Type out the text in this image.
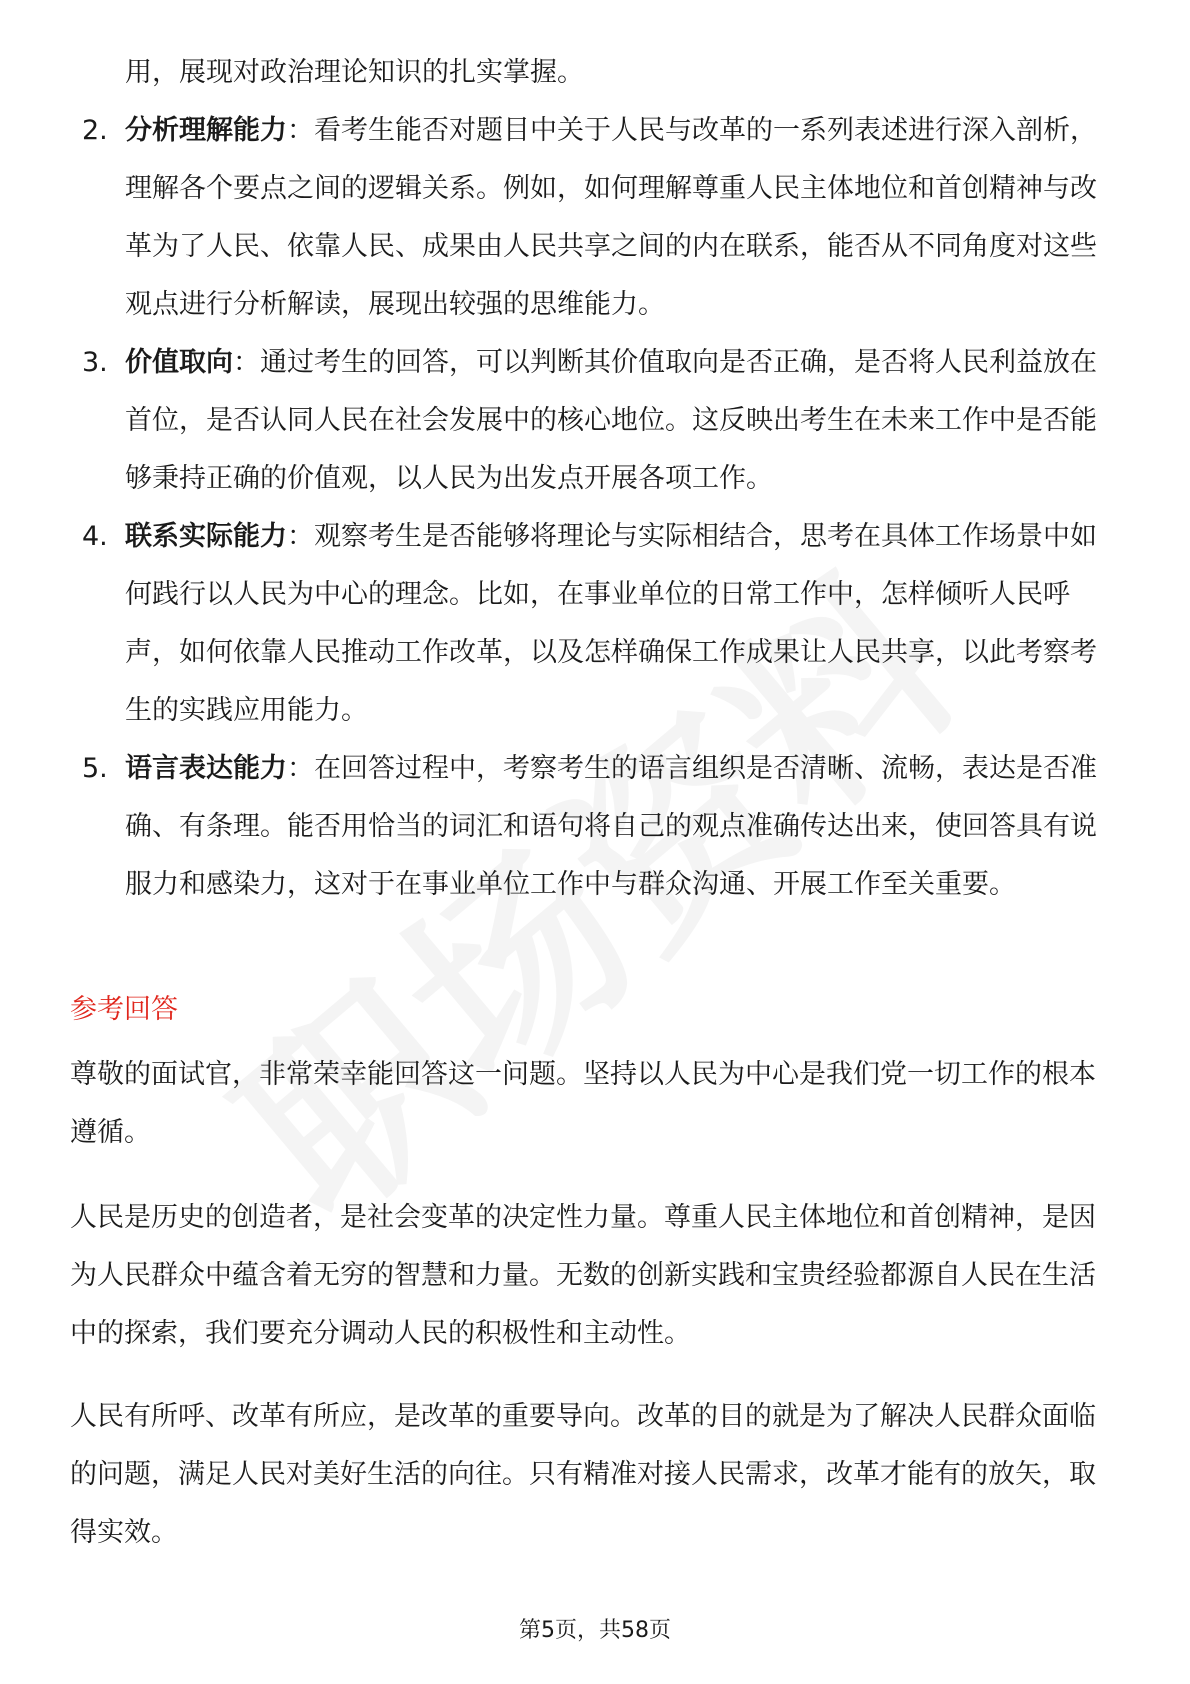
用，展现对政治理论知识的扎实掌握。
2. 分析理解能力：看考生能否对题目中关于人民与改革的一系列表述进行深入剖析，理解各个要点之间的逻辑关系。例如，如何理解尊重人民主体地位和首创精神与改革为了人民、依靠人民、成果由人民共享之间的内在联系，能否从不同角度对这些观点进行分析解读，展现出较强的思维能力。
3. 价值取向：通过考生的回答，可以判断其价值取向是否正确，是否将人民利益放在首位，是否认同人民在社会发展中的核心地位。这反映出考生在未来工作中是否能够秉持正确的价值观，以人民为出发点开展各项工作。
4. 联系实际能力：观察考生是否能够将理论与实际相结合，思考在具体工作场景中如何践行以人民为中心的理念。比如，在事业单位的日常工作中，怎样倾听人民呼声，如何依靠人民推动工作改革，以及怎样确保工作成果让人民共享，以此考察考生的实践应用能力。
5. 语言表达能力：在回答过程中，考察考生的语言组织是否清晰、流畅，表达是否准确、有条理。能否用恰当的词汇和语句将自己的观点准确传达出来，使回答具有说服力和感染力，这对于在事业单位工作中与群众沟通、开展工作至关重要。
参考回答

尊敬的面试官，非常荣幸能回答这一问题。坚持以人民为中心是我们党一切工作的根本遵循。

人民是历史的创造者，是社会变革的决定性力量。尊重人民主体地位和首创精神，是因为人民群众中蕴含着无穷的智慧和力量。无数的创新实践和宝贵经验都源自人民在生活中的探索，我们要充分调动人民的积极性和主动性。

人民有所呼、改革有所应，是改革的重要导向。改革的目的就是为了解决人民群众面临的问题，满足人民对美好生活的向往。只有精准对接人民需求，改革才能有的放矢，取得实效。

第5页，共58页
